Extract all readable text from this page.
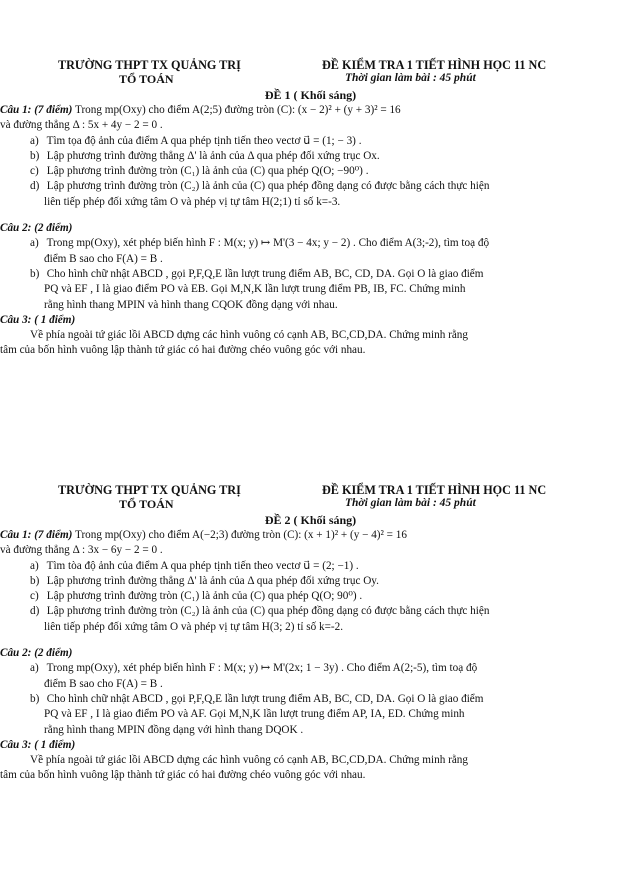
TRƯỜNG THPT TX QUẢNG TRỊ
TỔ TOÁN
ĐỀ KIỂM TRA 1 TIẾT HÌNH HỌC 11 NC
Thời gian làm bài : 45 phút
ĐỀ 1 ( Khối sáng)
Câu 1: (7 điểm) Trong mp(Oxy) cho điểm A(2;5) đường tròn (C): (x − 2)² + (y + 3)² = 16
và đường thẳng Δ : 5x + 4y − 2 = 0 .
a) Tìm tọa độ ảnh của điểm A qua phép tịnh tiến theo vectơ u⃗ = (1; − 3) .
b) Lập phương trình đường thẳng Δ' là ảnh của Δ qua phép đối xứng trục Ox.
c) Lập phương trình đường tròn (C₁) là ảnh của (C) qua phép Q(O; −90⁰) .
d) Lập phương trình đường tròn (C₂) là ảnh của (C) qua phép đồng dạng có được bằng cách thực hiện
liên tiếp phép đối xứng tâm O và phép vị tự tâm H(2;1) tỉ số k=-3.
Câu 2: (2 điểm)
a) Trong mp(Oxy), xét phép biến hình F : M(x; y) ↦ M'(3 − 4x; y − 2) . Cho điểm A(3;-2), tìm toạ độ
điểm B sao cho F(A) = B .
b) Cho hình chữ nhật ABCD , gọi P,F,Q,E lần lượt trung điểm AB, BC, CD, DA. Gọi O là giao điểm
PQ và EF , I là giao điểm PO và EB. Gọi M,N,K lần lượt trung điểm PB, IB, FC. Chứng minh
rằng hình thang MPIN và hình thang CQOK đồng dạng với nhau.
Câu 3: ( 1 điểm)
Về phía ngoài tứ giác lồi ABCD dựng các hình vuông có cạnh AB, BC,CD,DA. Chứng minh rằng
tâm của bốn hình vuông lập thành tứ giác có hai đường chéo vuông góc với nhau.
TRƯỜNG THPT TX QUẢNG TRỊ
TỔ TOÁN
ĐỀ KIỂM TRA 1 TIẾT HÌNH HỌC 11 NC
Thời gian làm bài : 45 phút
ĐỀ 2 ( Khối sáng)
Câu 1: (7 điểm) Trong mp(Oxy) cho điểm A(−2;3) đường tròn (C): (x + 1)² + (y − 4)² = 16
và đường thẳng Δ : 3x − 6y − 2 = 0 .
a) Tìm tòa độ ảnh của điểm A qua phép tịnh tiến theo vectơ u⃗ = (2; −1) .
b) Lập phương trình đường thẳng Δ' là ảnh của Δ qua phép đối xứng trục Oy.
c) Lập phương trình đường tròn (C₁) là ảnh của (C) qua phép Q(O; 90⁰) .
d) Lập phương trình đường tròn (C₂) là ảnh của (C) qua phép đồng dạng có được bằng cách thực hiện
liên tiếp phép đối xứng tâm O và phép vị tự tâm H(3; 2) tỉ số k=-2.
Câu 2: (2 điểm)
a) Trong mp(Oxy), xét phép biến hình F : M(x; y) ↦ M'(2x; 1 − 3y) . Cho điểm A(2;-5), tìm toạ độ
điểm B sao cho F(A) = B .
b) Cho hình chữ nhật ABCD , gọi P,F,Q,E lần lượt trung điểm AB, BC, CD, DA. Gọi O là giao điểm
PQ và EF , I là giao điểm PO và AF. Gọi M,N,K lần lượt trung điểm AP, IA, ED. Chứng minh
rằng hình thang MPIN đồng dạng với hình thang DQOK .
Câu 3: ( 1 điểm)
Về phía ngoài tứ giác lồi ABCD dựng các hình vuông có cạnh AB, BC,CD,DA. Chứng minh rằng
tâm của bốn hình vuông lập thành tứ giác có hai đường chéo vuông góc với nhau.
